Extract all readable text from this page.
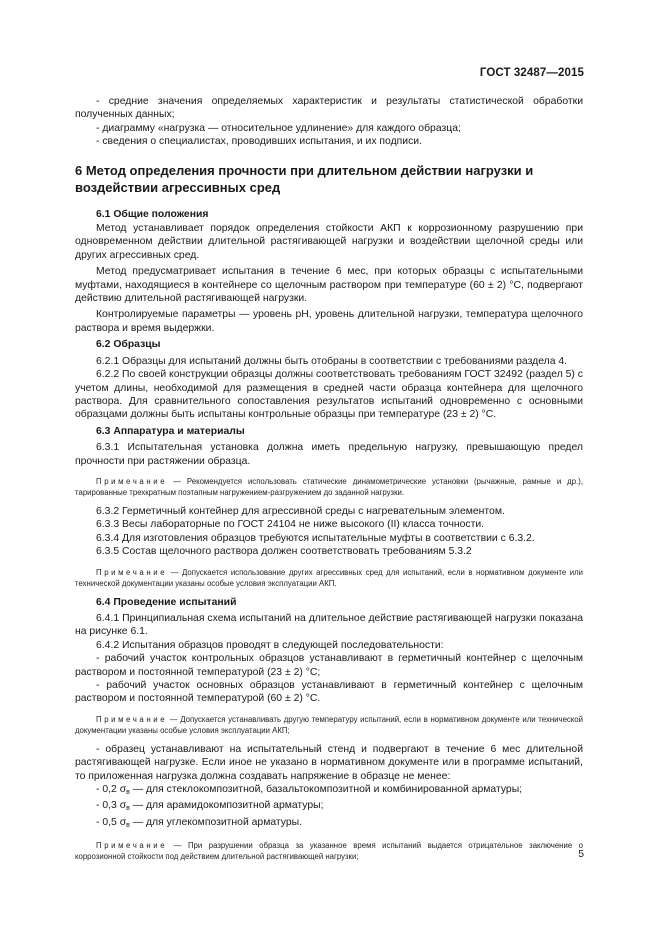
ГОСТ 32487—2015

- средние значения определяемых характеристик и результаты статистической обработки полученных данных;

- диаграмму «нагрузка — относительное удлинение» для каждого образца;

- сведения о специалистах, проводивших испытания, и их подписи.

6 Метод определения прочности при длительном действии нагрузки и воздействии агрессивных сред
6.1 Общие положения

Метод устанавливает порядок определения стойкости АКП к коррозионному разрушению при одновременном действии длительной растягивающей нагрузки и воздействии щелочной среды или других агрессивных сред.

Метод предусматривает испытания в течение 6 мес, при которых образцы с испытательными муфтами, находящиеся в контейнере со щелочным раствором при температуре (60 ± 2) °С, подвергают действию длительной растягивающей нагрузки.

Контролируемые параметры — уровень рН, уровень длительной нагрузки, температура щелочного раствора и время выдержки.

6.2 Образцы

6.2.1 Образцы для испытаний должны быть отобраны в соответствии с требованиями раздела 4.

6.2.2 По своей конструкции образцы должны соответствовать требованиям ГОСТ 32492 (раздел 5) с учетом длины, необходимой для размещения в средней части образца контейнера для щелочного раствора. Для сравнительного сопоставления результатов испытаний одновременно с основными образцами должны быть испытаны контрольные образцы при температуре (23 ± 2) °С.

6.3 Аппаратура и материалы

6.3.1 Испытательная установка должна иметь предельную нагрузку, превышающую предел прочности при растяжении образца.

Примечание — Рекомендуется использовать статические динамометрические установки (рычажные, рамные и др.), тарированные трехкратным поэтапным нагружением-разгружением до заданной нагрузки.

6.3.2 Герметичный контейнер для агрессивной среды с нагревательным элементом.

6.3.3 Весы лабораторные по ГОСТ 24104 не ниже высокого (II) класса точности.

6.3.4 Для изготовления образцов требуются испытательные муфты в соответствии с 6.3.2.

6.3.5 Состав щелочного раствора должен соответствовать требованиям 5.3.2

Примечание — Допускается использование других агрессивных сред для испытаний, если в нормативном документе или технической документации указаны особые условия эксплуатации АКП.
6.4 Проведение испытаний

6.4.1 Принципиальная схема испытаний на длительное действие растягивающей нагрузки показана на рисунке 6.1.

6.4.2 Испытания образцов проводят в следующей последовательности:

- рабочий участок контрольных образцов устанавливают в герметичный контейнер с щелочным раствором и постоянной температурой (23 ± 2) °С;

- рабочий участок основных образцов устанавливают в герметичный контейнер с щелочным раствором и постоянной температурой (60 ± 2) °С.

Примечание — Допускается устанавливать другую температуру испытаний, если в нормативном документе или технической документации указаны особые условия эксплуатации АКП;

- образец устанавливают на испытательный стенд и подвергают в течение 6 мес длительной растягивающей нагрузке. Если иное не указано в нормативном документе или в программе испытаний, то приложенная нагрузка должна создавать напряжение в образце не менее:

- 0,2 $\sigma_в$ — для стеклокомпозитной, базальтокомпозитной и комбинированной арматуры;

- 0,3 $\sigma_в$ — для арамидокомпозитной арматуры;

- 0,5 $\sigma_в$ — для углекомпозитной арматуры.

Примечание — При разрушении образца за указанное время испытаний выдается отрицательное заключение о коррозионной стойкости под действием длительной растягивающей нагрузки;	5
